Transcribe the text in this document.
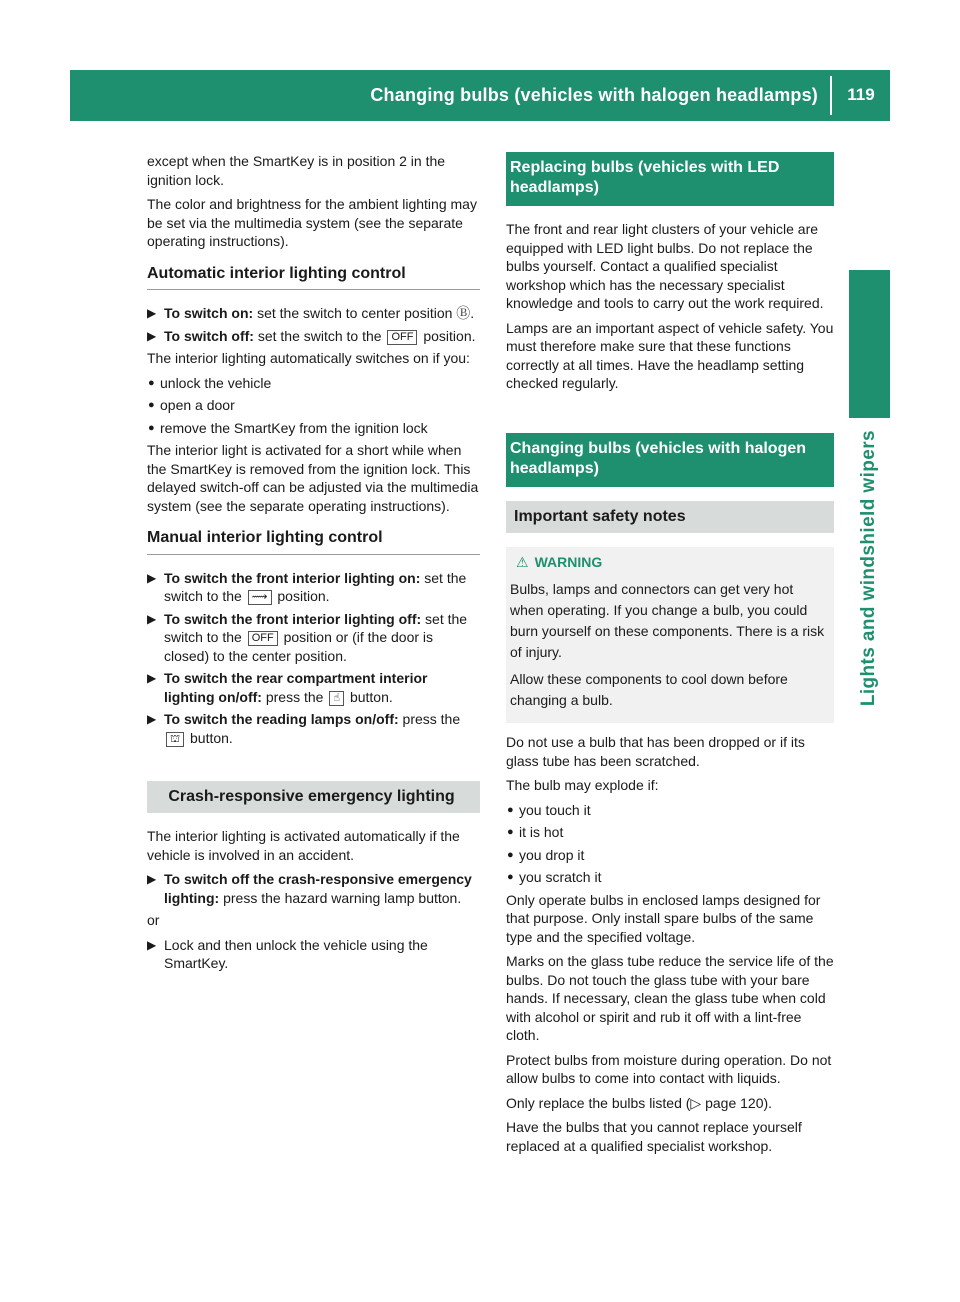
Changing bulbs (vehicles with halogen headlamps)	119
Lights and windshield wipers

except when the SmartKey is in position 2 in the ignition lock.

The color and brightness for the ambient lighting may be set via the multimedia system (see the separate operating instructions).

Automatic interior lighting control
▶ To switch on: set the switch to center position Ⓑ.
▶ To switch off: set the switch to the OFF position.

The interior lighting automatically switches on if you:

● unlock the vehicle
● open a door
● remove the SmartKey from the ignition lock

The interior light is activated for a short while when the SmartKey is removed from the ignition lock. This delayed switch-off can be adjusted via the multimedia system (see the separate operating instructions).

Manual interior lighting control
▶ To switch the front interior lighting on: set the switch to the ⟿ position.
▶ To switch the front interior lighting off: set the switch to the OFF position or (if the door is closed) to the center position.
▶ To switch the rear compartment interior lighting on/off: press the ☝ button.
▶ To switch the reading lamps on/off: press the ⛫ button.
Crash-responsive emergency lighting

The interior lighting is activated automatically if the vehicle is involved in an accident.

▶ To switch off the crash-responsive emergency lighting: press the hazard warning lamp button.

or

▶ Lock and then unlock the vehicle using the SmartKey.
Replacing bulbs (vehicles with LED headlamps)

The front and rear light clusters of your vehicle are equipped with LED light bulbs. Do not replace the bulbs yourself. Contact a qualified specialist workshop which has the necessary specialist knowledge and tools to carry out the work required.

Lamps are an important aspect of vehicle safety. You must therefore make sure that these functions correctly at all times. Have the headlamp setting checked regularly.

Changing bulbs (vehicles with halogen headlamps)
Important safety notes
⚠ WARNING

Bulbs, lamps and connectors can get very hot when operating. If you change a bulb, you could burn yourself on these components. There is a risk of injury.

Allow these components to cool down before changing a bulb.

Do not use a bulb that has been dropped or if its glass tube has been scratched.

The bulb may explode if:

● you touch it
● it is hot
● you drop it
● you scratch it

Only operate bulbs in enclosed lamps designed for that purpose. Only install spare bulbs of the same type and the specified voltage.

Marks on the glass tube reduce the service life of the bulbs. Do not touch the glass tube with your bare hands. If necessary, clean the glass tube when cold with alcohol or spirit and rub it off with a lint-free cloth.

Protect bulbs from moisture during operation. Do not allow bulbs to come into contact with liquids.

Only replace the bulbs listed (▷ page 120).

Have the bulbs that you cannot replace yourself replaced at a qualified specialist workshop.
